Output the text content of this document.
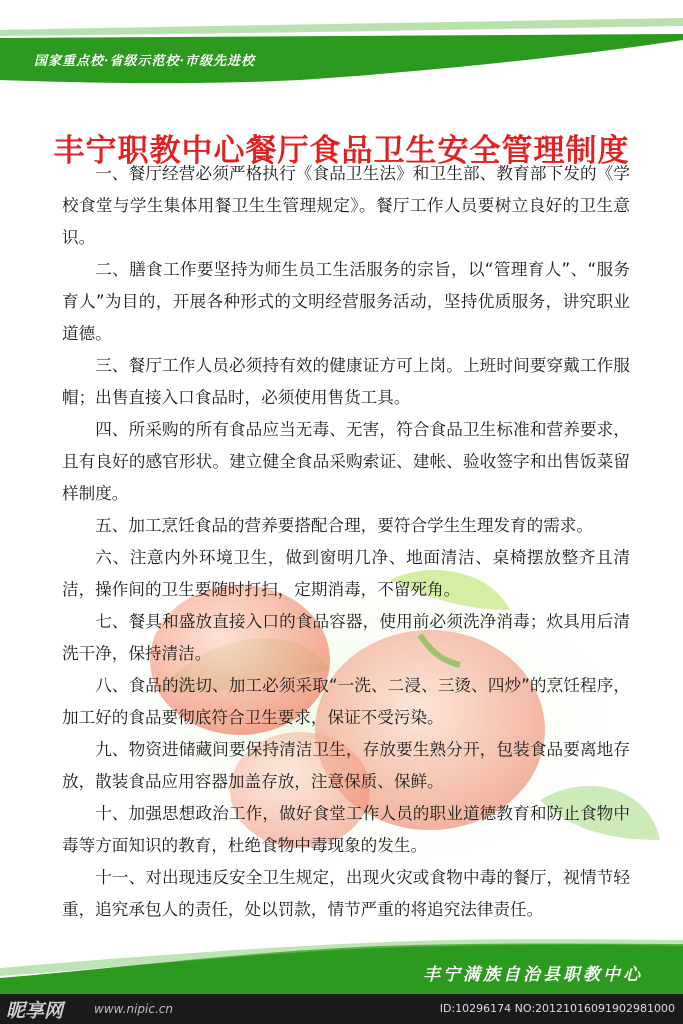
国家重点校·省级示范校·市级先进校
丰宁职教中心餐厅食品卫生安全管理制度
一、餐厅经营必须严格执行《食品卫生法》和卫生部、教育部下发的《学校食堂与学生集体用餐卫生生管理规定》。餐厅工作人员要树立良好的卫生意识。
二、膳食工作要坚持为师生员工生活服务的宗旨，以“管理育人”、“服务育人”为目的，开展各种形式的文明经营服务活动，坚持优质服务，讲究职业道德。
三、餐厅工作人员必须持有效的健康证方可上岗。上班时间要穿戴工作服帽；出售直接入口食品时，必须使用售货工具。
四、所采购的所有食品应当无毒、无害，符合食品卫生标准和营养要求，且有良好的感官形状。建立健全食品采购索证、建帐、验收签字和出售饭菜留样制度。
五、加工烹饪食品的营养要搭配合理，要符合学生生理发育的需求。
六、注意内外环境卫生，做到窗明几净、地面清洁、桌椅摆放整齐且清洁，操作间的卫生要随时打扫，定期消毒，不留死角。
七、餐具和盛放直接入口的食品容器，使用前必须洗净消毒；炊具用后清洗干净，保持清洁。
八、食品的洗切、加工必须采取“一洗、二浸、三烫、四炒”的烹饪程序，加工好的食品要彻底符合卫生要求，保证不受污染。
九、物资进储藏间要保持清洁卫生，存放要生熟分开，包装食品要离地存放，散装食品应用容器加盖存放，注意保质、保鲜。
十、加强思想政治工作，做好食堂工作人员的职业道德教育和防止食物中毒等方面知识的教育，杜绝食物中毒现象的发生。
十一、对出现违反安全卫生规定，出现火灾或食物中毒的餐厅，视情节轻重，追究承包人的责任，处以罚款，情节严重的将追究法律责任。
丰宁满族自治县职教中心
昵享网	www.nipic.cn	ID:10296174 NO:20121016091902981000
